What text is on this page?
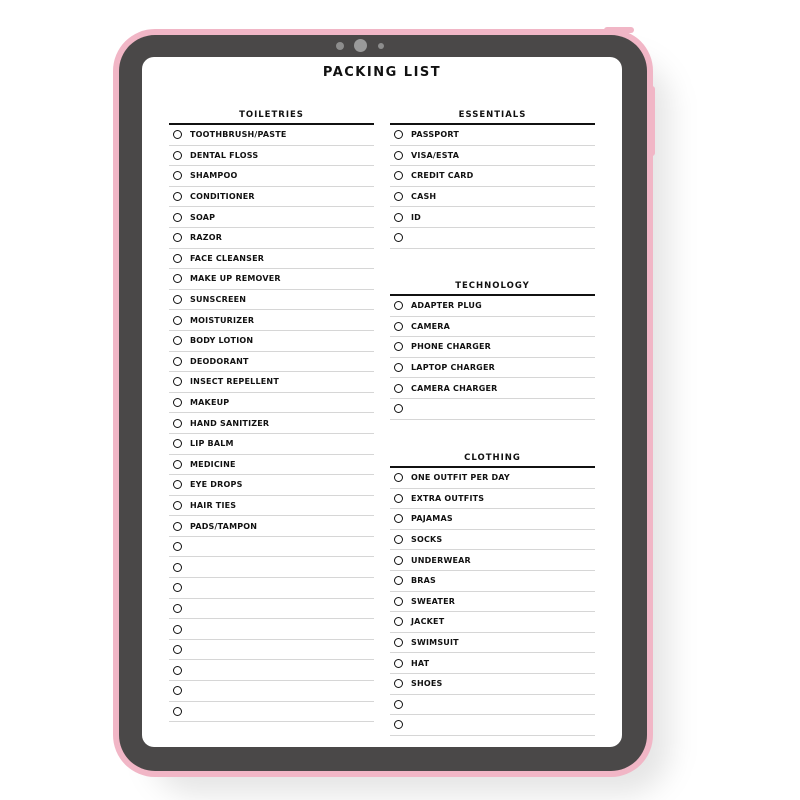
PACKING LIST
TOILETRIES
TOOTHBRUSH/PASTE
DENTAL FLOSS
SHAMPOO
CONDITIONER
SOAP
RAZOR
FACE CLEANSER
MAKE UP REMOVER
SUNSCREEN
MOISTURIZER
BODY LOTION
DEODORANT
INSECT REPELLENT
MAKEUP
HAND SANITIZER
LIP BALM
MEDICINE
EYE DROPS
HAIR TIES
PADS/TAMPON
ESSENTIALS
PASSPORT
VISA/ESTA
CREDIT CARD
CASH
ID
TECHNOLOGY
ADAPTER PLUG
CAMERA
PHONE CHARGER
LAPTOP CHARGER
CAMERA CHARGER
CLOTHING
ONE OUTFIT PER DAY
EXTRA OUTFITS
PAJAMAS
SOCKS
UNDERWEAR
BRAS
SWEATER
JACKET
SWIMSUIT
HAT
SHOES
